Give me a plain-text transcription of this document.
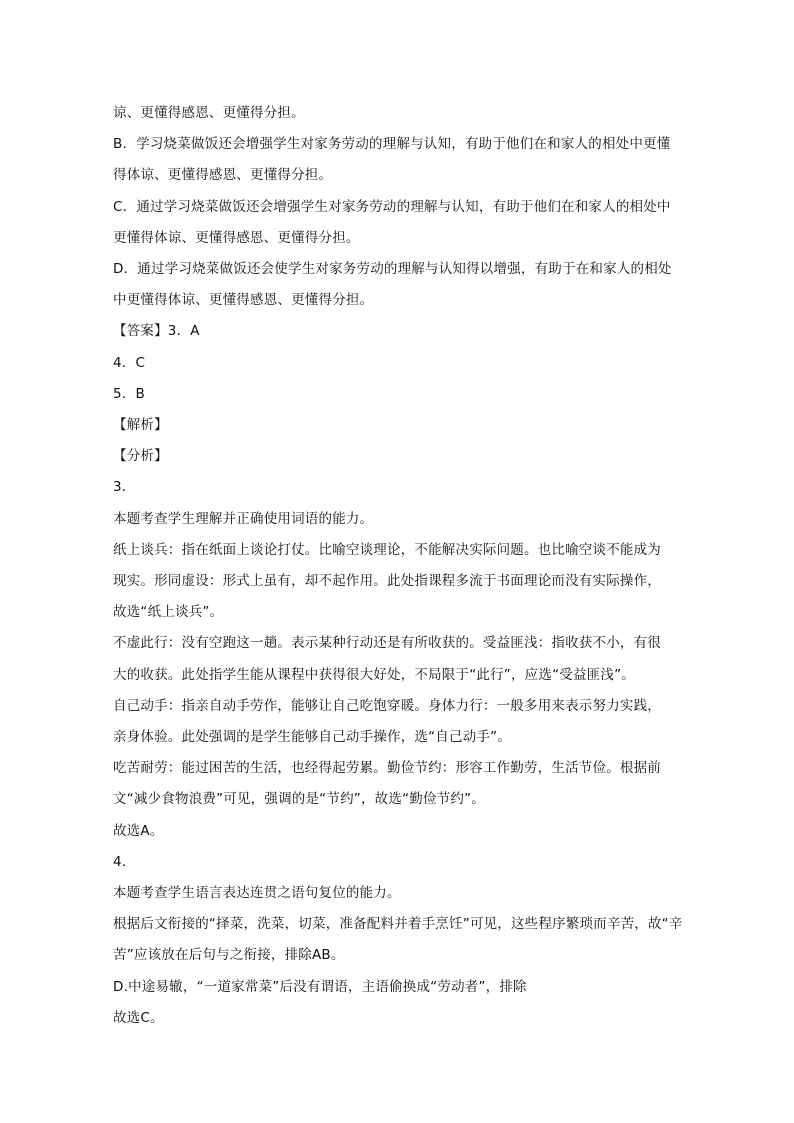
谅、更懂得感恩、更懂得分担。
B．学习烧菜做饭还会增强学生对家务劳动的理解与认知，有助于他们在和家人的相处中更懂
得体谅、更懂得感恩、更懂得分担。
C．通过学习烧菜做饭还会增强学生对家务劳动的理解与认知，有助于他们在和家人的相处中
更懂得体谅、更懂得感恩、更懂得分担。
D．通过学习烧菜做饭还会使学生对家务劳动的理解与认知得以增强，有助于在和家人的相处
中更懂得体谅、更懂得感恩、更懂得分担。
【答案】3．A
4．C
5．B
【解析】
【分析】
3．
本题考查学生理解并正确使用词语的能力。
纸上谈兵：指在纸面上谈论打仗。比喻空谈理论，不能解决实际问题。也比喻空谈不能成为
现实。形同虚设：形式上虽有，却不起作用。此处指课程多流于书面理论而没有实际操作，
故选“纸上谈兵”。
不虚此行：没有空跑这一趟。表示某种行动还是有所收获的。受益匪浅：指收获不小，有很
大的收获。此处指学生能从课程中获得很大好处，不局限于“此行”，应选“受益匪浅”。
自己动手：指亲自动手劳作，能够让自己吃饱穿暖。身体力行：一般多用来表示努力实践，
亲身体验。此处强调的是学生能够自己动手操作，选“自己动手”。
吃苦耐劳：能过困苦的生活，也经得起劳累。勤俭节约：形容工作勤劳，生活节俭。根据前
文“减少食物浪费”可见，强调的是“节约”，故选“勤俭节约”。
故选A。
4．
本题考查学生语言表达连贯之语句复位的能力。
根据后文衔接的“择菜，洗菜，切菜，准备配料并着手烹饪”可见，这些程序繁琐而辛苦，故“辛
苦”应该放在后句与之衔接，排除AB。
D.中途易辙，“一道家常菜”后没有谓语，主语偷换成“劳动者”，排除
故选C。
